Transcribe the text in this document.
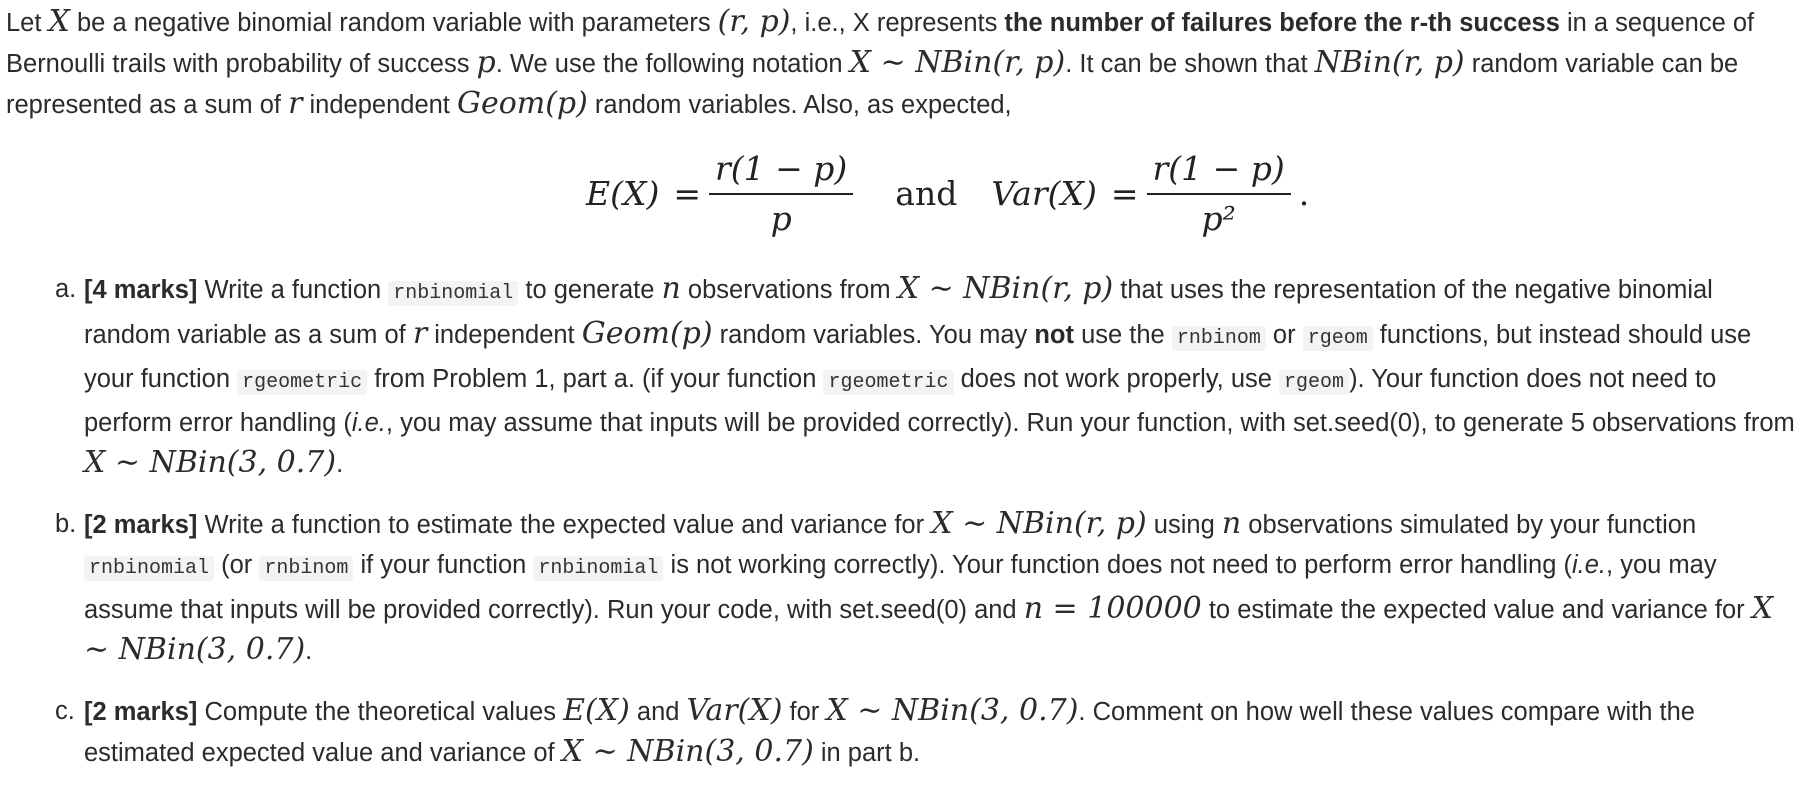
Let X be a negative binomial random variable with parameters (r, p), i.e., X represents the number of failures before the r-th success in a sequence of Bernoulli trails with probability of success p. We use the following notation X ∼ NBin(r, p). It can be shown that NBin(r, p) random variable can be represented as a sum of r independent Geom(p) random variables. Also, as expected,

$E(X) = \frac{r(1 - p)}{p}$ and $Var(X) = \frac{r(1 - p)}{\text{p²}}$ .
a. [4 marks] Write a function rnbinomial to generate n observations from X ∼ NBin(r, p) that uses the representation of the negative binomial random variable as a sum of r independent Geom(p) random variables. You may not use the rnbinom or rgeom functions, but instead should use your function rgeometric from Problem 1, part a. (if your function rgeometric does not work properly, use rgeom ). Your function does not need to perform error handling (i.e., you may assume that inputs will be provided correctly). Run your function, with set.seed(0), to generate 5 observations from X ∼ NBin(3, 0.7).
b. [2 marks] Write a function to estimate the expected value and variance for X ∼ NBin(r, p) using n observations simulated by your function rnbinomial (or rnbinom if your function rnbinomial is not working correctly). Your function does not need to perform error handling (i.e., you may assume that inputs will be provided correctly). Run your code, with set.seed(0) and n = 100000 to estimate the expected value and variance for X ∼ NBin(3, 0.7).
c. [2 marks] Compute the theoretical values E(X) and Var(X) for X ∼ NBin(3, 0.7). Comment on how well these values compare with the estimated expected value and variance of X ∼ NBin(3, 0.7) in part b.
